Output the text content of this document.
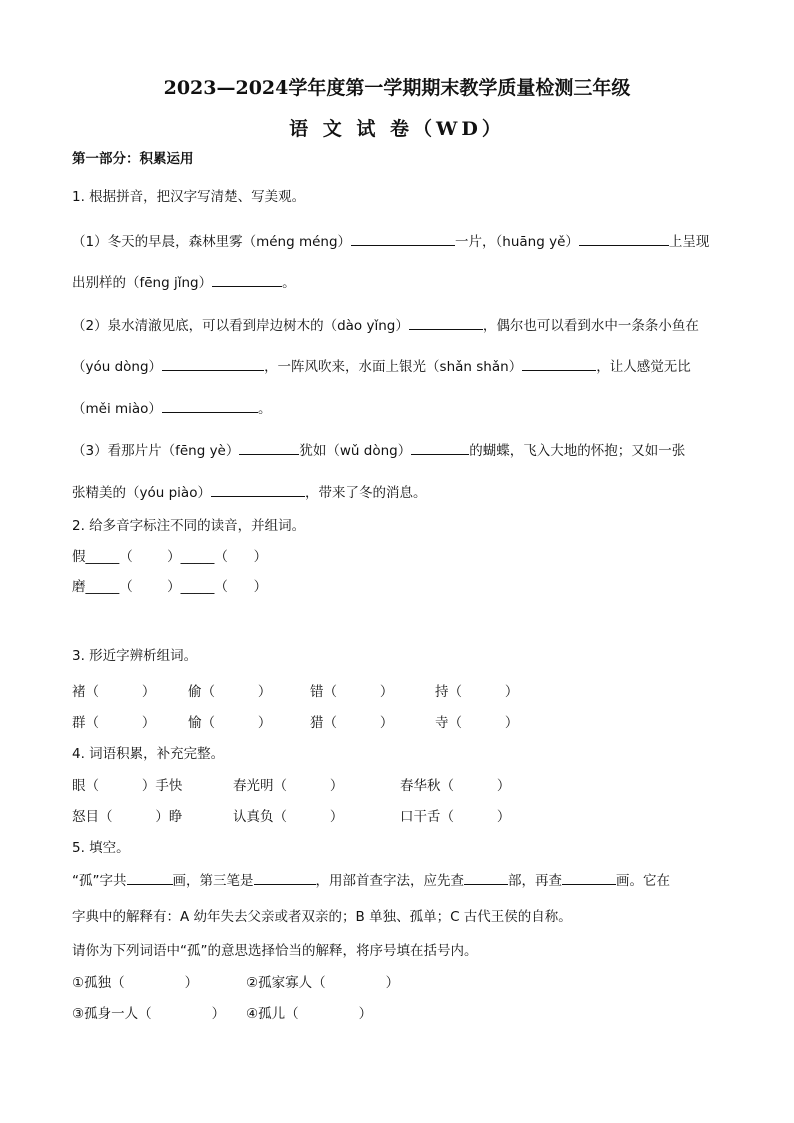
2023—2024学年度第一学期期末教学质量检测三年级
语 文 试 卷（WD）
第一部分：积累运用
1. 根据拼音，把汉字写清楚、写美观。
（1）冬天的早晨，森林里雾（méng méng）	一片，（huāng yě）	上呈现
出别样的（fēng jǐng）	。
（2）泉水清澈见底，可以看到岸边树木的（dào yǐng）	，偶尔也可以看到水中一条条小鱼在
（yóu dòng）	，一阵风吹来，水面上银光（shǎn shǎn）	，让人感觉无比
（měi miào）	。
（3）看那片片（fēng yè）	犹如（wǔ dòng）	的蝴蝶，飞入大地的怀抱；又如一张
张精美的（yóu piào）	，带来了冬的消息。
2. 给多音字标注不同的读音，并组词。
假_____（        ）_____（      ）
磨_____（        ）_____（      ）
3. 形近字辨析组词。
褚（          ） 偷（          ）	错（          ）	持（          ）
群（          ） 愉（          ）	猎（          ）	寺（          ）
4. 词语积累，补充完整。
眼（          ）手快	春光明（          ）	春华秋（          ）
怒目（          ）睁	认真负（          ）	口干舌（          ）
5. 填空。
“孤”字共	画，第三笔是	，用部首查字法，应先查	部，再查	画。它在
字典中的解释有：A 幼年失去父亲或者双亲的；B 单独、孤单；C 古代王侯的自称。
请你为下列词语中“孤”的意思选择恰当的解释，将序号填在括号内。
①孤独（              ）	②孤家寡人（              ）
③孤身一人（              ） ④孤儿（              ）
